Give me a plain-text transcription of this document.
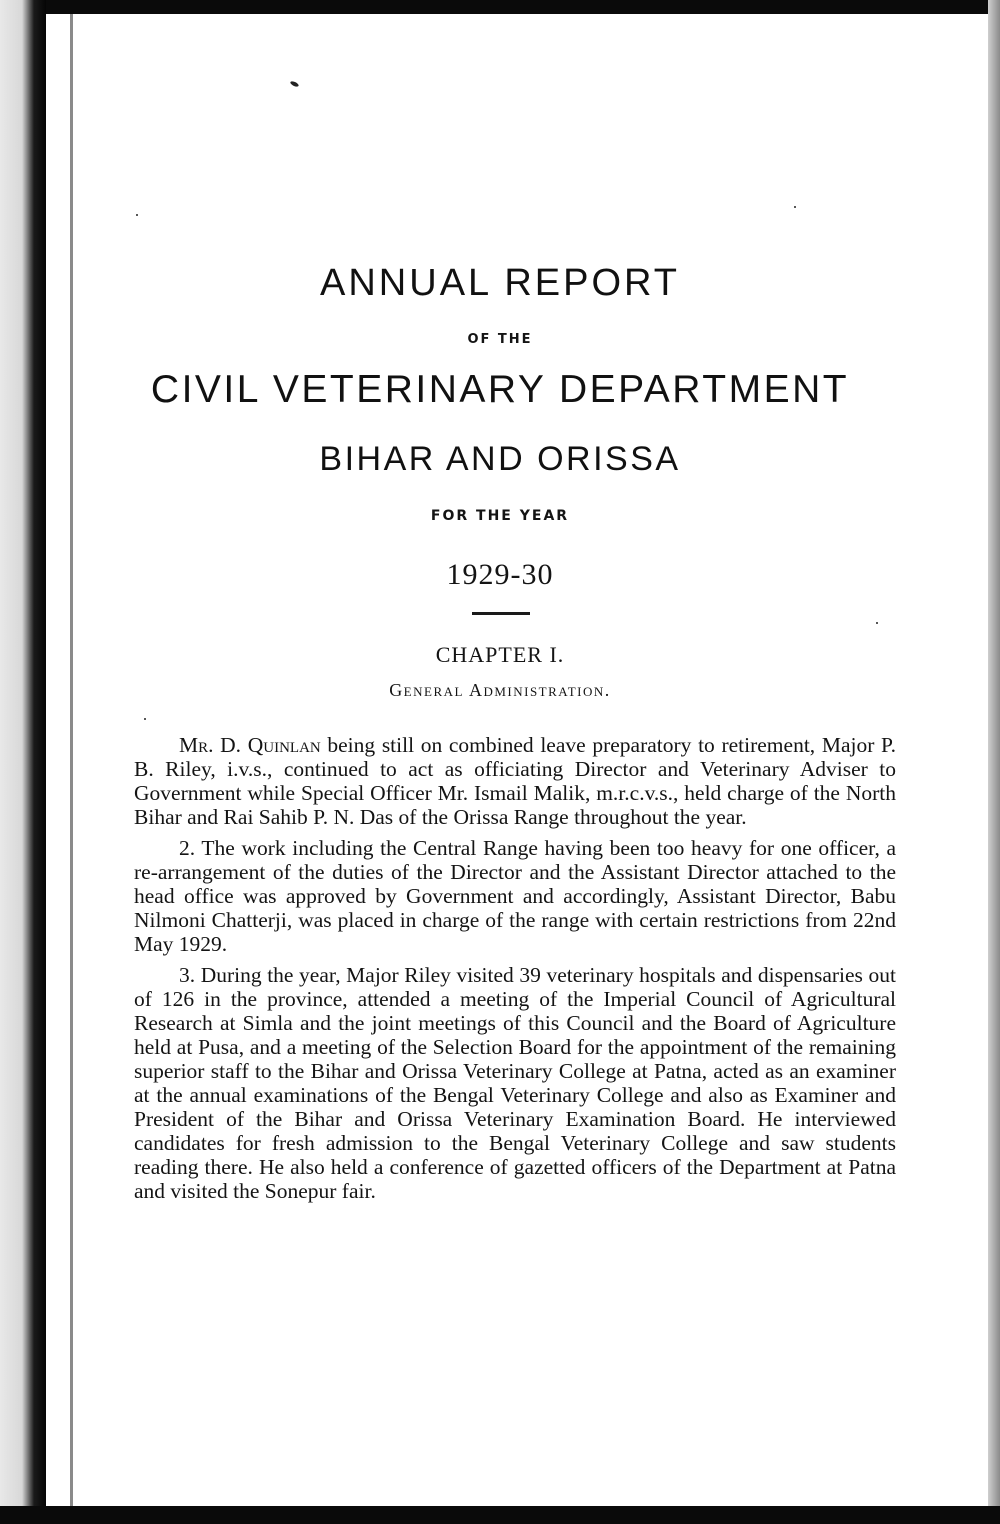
ANNUAL REPORT
OF THE
CIVIL VETERINARY DEPARTMENT
BIHAR AND ORISSA
FOR THE YEAR
1929-30
CHAPTER I.
General Administration.

Mr. D. Quinlan being still on combined leave preparatory to retirement, Major P. B. Riley, i.v.s., continued to act as officiating Director and Veterinary Adviser to Government while Special Officer Mr. Ismail Malik, m.r.c.v.s., held charge of the North Bihar and Rai Sahib P. N. Das of the Orissa Range throughout the year.

2. The work including the Central Range having been too heavy for one officer, a re-arrangement of the duties of the Director and the Assistant Director attached to the head office was approved by Government and accordingly, Assistant Director, Babu Nilmoni Chatterji, was placed in charge of the range with certain restrictions from 22nd May 1929.

3. During the year, Major Riley visited 39 veterinary hospitals and dispensaries out of 126 in the province, attended a meeting of the Imperial Council of Agricultural Research at Simla and the joint meetings of this Council and the Board of Agriculture held at Pusa, and a meeting of the Selection Board for the appointment of the remaining superior staff to the Bihar and Orissa Veterinary College at Patna, acted as an examiner at the annual examinations of the Bengal Veterinary College and also as Examiner and President of the Bihar and Orissa Veterinary Examination Board. He interviewed candidates for fresh admission to the Bengal Veterinary College and saw students reading there. He also held a conference of gazetted officers of the Department at Patna and visited the Sonepur fair.
